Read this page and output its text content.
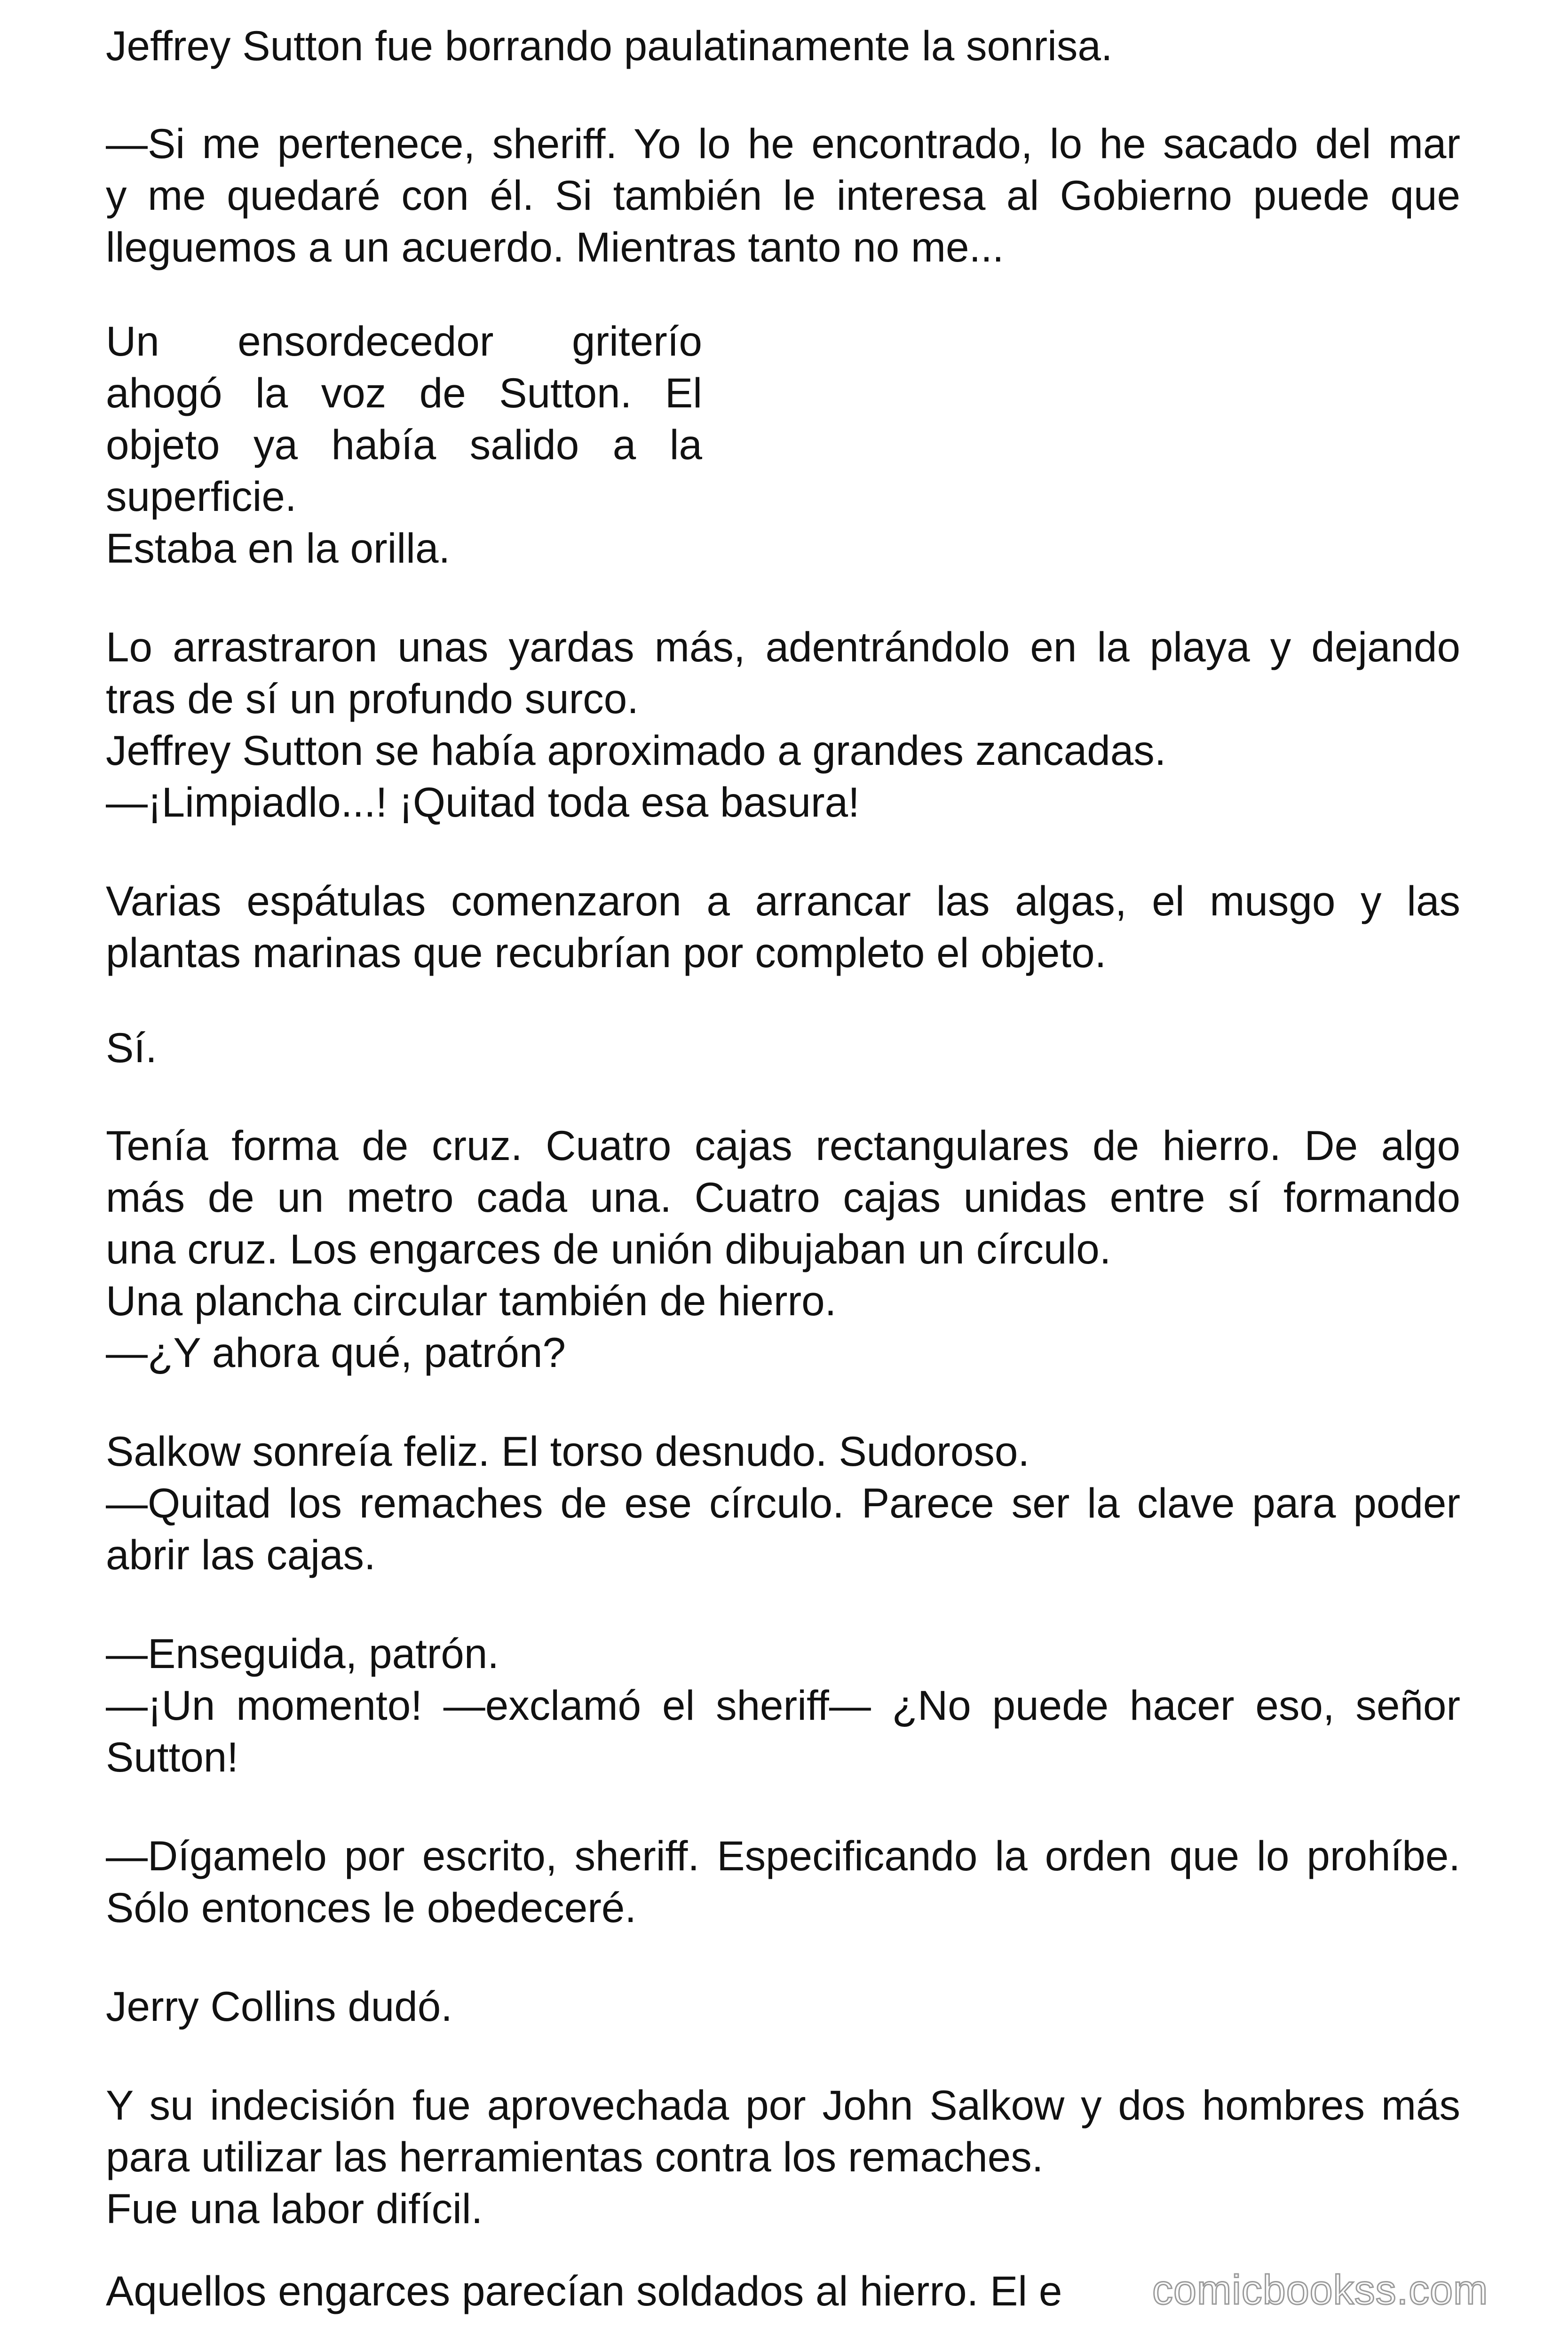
Jeffrey Sutton fue borrando paulatinamente la sonrisa.
—Si me pertenece, sheriff. Yo lo he encontrado, lo he sacado del mar
y me quedaré con él. Si también le interesa al Gobierno puede que
lleguemos a un acuerdo. Mientras tanto no me...
Un ensordecedor griterío
ahogó la voz de Sutton. El
objeto ya había salido a la
superficie.
Estaba en la orilla.
Lo arrastraron unas yardas más, adentrándolo en la playa y dejando
tras de sí un profundo surco.
Jeffrey Sutton se había aproximado a grandes zancadas.
—¡Limpiadlo...! ¡Quitad toda esa basura!
Varias espátulas comenzaron a arrancar las algas, el musgo y las
plantas marinas que recubrían por completo el objeto.
Sí.
Tenía forma de cruz. Cuatro cajas rectangulares de hierro. De algo
más de un metro cada una. Cuatro cajas unidas entre sí formando
una cruz. Los engarces de unión dibujaban un círculo.
Una plancha circular también de hierro.
—¿Y ahora qué, patrón?
Salkow sonreía feliz. El torso desnudo. Sudoroso.
—Quitad los remaches de ese círculo. Parece ser la clave para poder
abrir las cajas.
—Enseguida, patrón.
—¡Un momento! —exclamó el sheriff— ¿No puede hacer eso, señor
Sutton!
—Dígamelo por escrito, sheriff. Especificando la orden que lo prohíbe.
Sólo entonces le obedeceré.
Jerry Collins dudó.
Y su indecisión fue aprovechada por John Salkow y dos hombres más
para utilizar las herramientas contra los remaches.
Fue una labor difícil.
Aquellos engarces parecían soldados al hierro. El e	comicbookss.com
